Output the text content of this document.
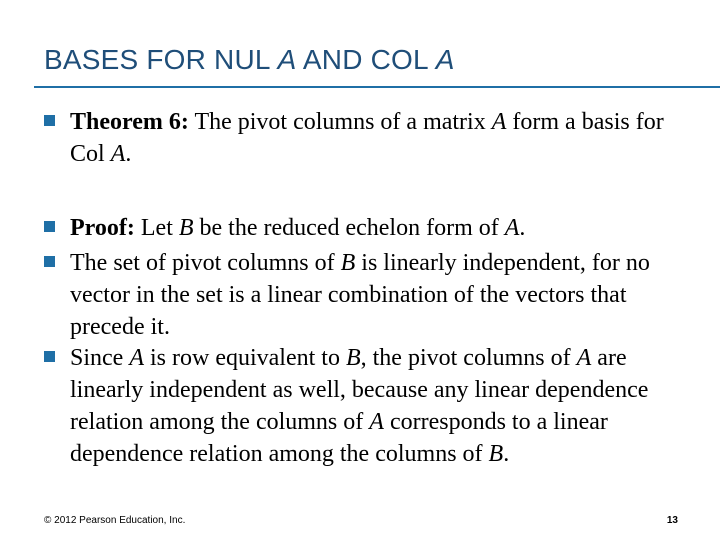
BASES FOR NUL A AND COL A
Theorem 6: The pivot columns of a matrix A form a basis for Col A.
Proof: Let B be the reduced echelon form of A.
The set of pivot columns of B is linearly independent, for no vector in the set is a linear combination of the vectors that precede it.
Since A is row equivalent to B, the pivot columns of A are linearly independent as well, because any linear dependence relation among the columns of A corresponds to a linear dependence relation among the columns of B.
© 2012 Pearson Education, Inc.	13
